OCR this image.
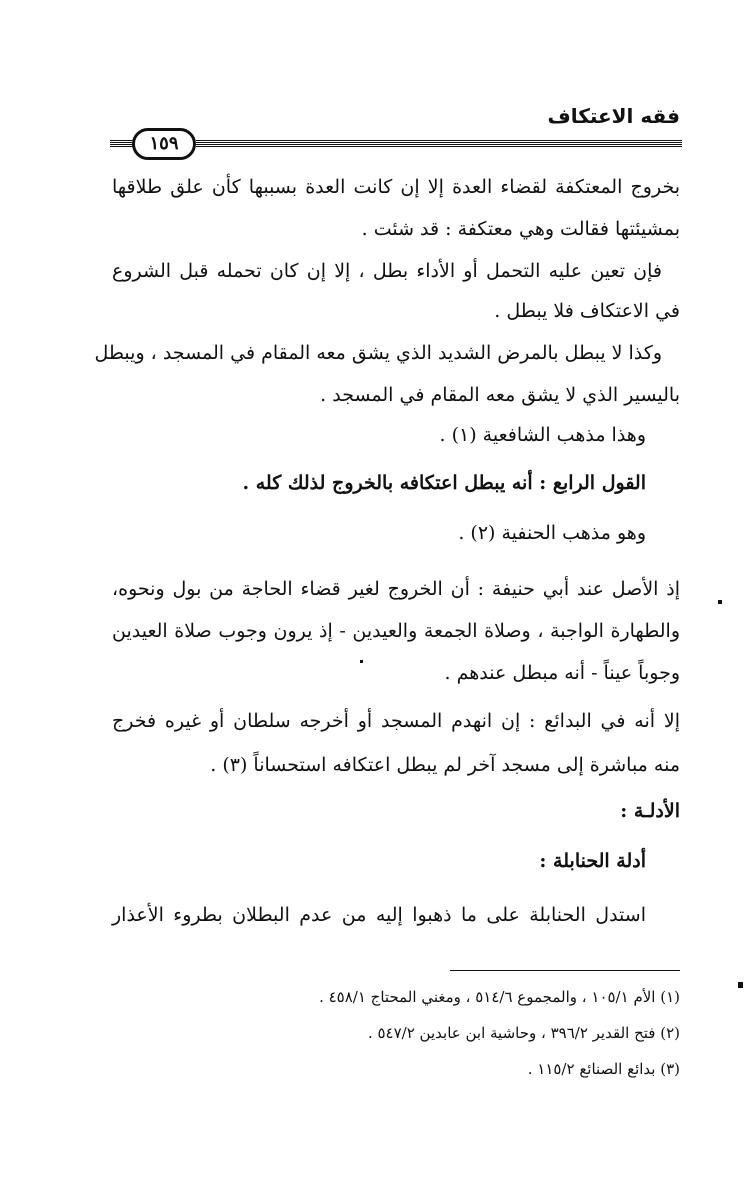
فقه الاعتكاف
١٥٩
بخروج المعتكفة لقضاء العدة إلا إن كانت العدة بسببها كأن علق طلاقها
بمشيئتها فقالت وهي معتكفة : قد شئت .
فإن تعين عليه التحمل أو الأداء بطل ، إلا إن كان تحمله قبل الشروع
في الاعتكاف فلا يبطل .
وكذا لا يبطل بالمرض الشديد الذي يشق معه المقام في المسجد ، ويبطل
باليسير الذي لا يشق معه المقام في المسجد .
وهذا مذهب الشافعية (١) .
القول الرابع : أنه يبطل اعتكافه بالخروج لذلك كله .
وهو مذهب الحنفية (٢) .
إذ الأصل عند أبي حنيفة : أن الخروج لغير قضاء الحاجة من بول ونحوه،
والطهارة الواجبة ، وصلاة الجمعة والعيدين - إذ يرون وجوب صلاة العيدين
وجوباً عيناً - أنه مبطل عندهم .
إلا أنه في البدائع : إن انهدم المسجد أو أخرجه سلطان أو غيره فخرج
منه مباشرة إلى مسجد آخر لم يبطل اعتكافه استحساناً (٣) .
الأدلـة :
أدلة الحنابلة :
استدل الحنابلة على ما ذهبوا إليه من عدم البطلان بطروء الأعذار
(١) الأم ١٠٥/١ ، والمجموع ٥١٤/٦ ، ومغني المحتاج ٤٥٨/١ .
(٢) فتح القدير ٣٩٦/٢ ، وحاشية ابن عابدين ٥٤٧/٢ .
(٣) بدائع الصنائع ١١٥/٢ .
